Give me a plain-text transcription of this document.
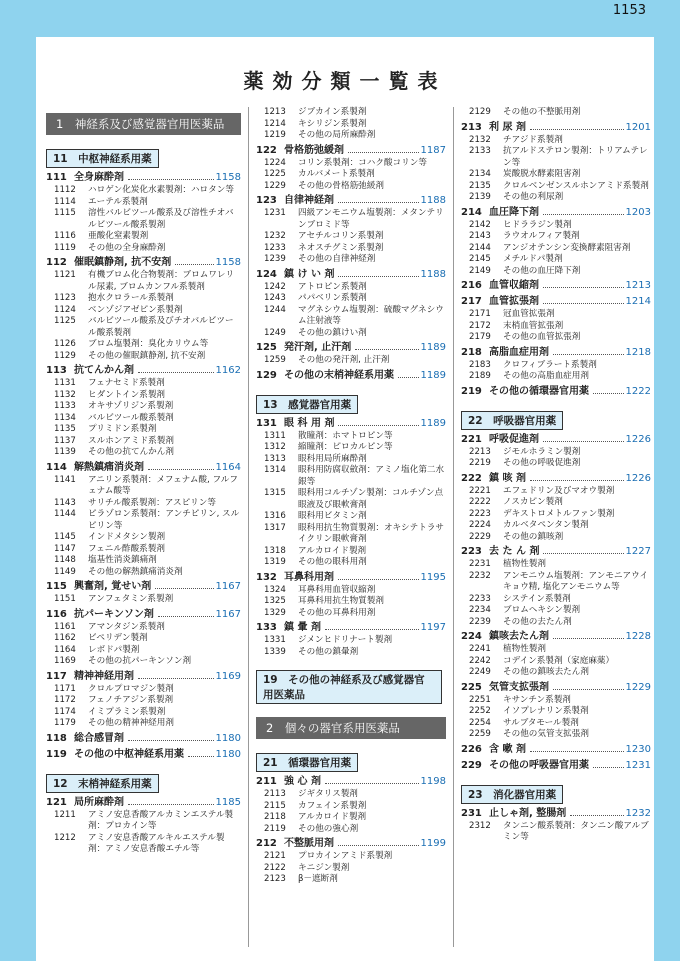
1153
薬効分類一覧表
1　神経系及び感覚器官用医薬品
11　中枢神経系用薬
111 全身麻酔剤	1158
1112	ハロゲン化炭化水素製剤：ハロタン等
1114	エーテル系製剤
1115	溶性バルビツール酸系及び溶性チオバルビツール酸系製剤
1116	亜酸化窒素製剤
1119	その他の全身麻酔剤
112 催眠鎮静剤, 抗不安剤	1158
1121	有機ブロム化合物製剤：ブロムワレリル尿素, ブロムカンフル系製剤
1123	抱水クロラール系製剤
1124	ベンゾジアゼピン系製剤
1125	バルビツール酸系及びチオバルビツール酸系製剤
1126	ブロム塩製剤：臭化カリウム等
1129	その他の催眠鎮静剤, 抗不安剤
113 抗てんかん剤	1162
1131	フェナセミド系製剤
1132	ヒダントイン系製剤
1133	オキサゾリジン系製剤
1134	バルビツール酸系製剤
1135	プリミドン系製剤
1137	スルホンアミド系製剤
1139	その他の抗てんかん剤
114 解熱鎮痛消炎剤	1164
1141	アニリン系製剤：メフェナム酸, フルフェナム酸等
1143	サリチル酸系製剤：アスピリン等
1144	ピラゾロン系製剤：アンチピリン, スルピリン等
1145	インドメタシン製剤
1147	フェニル酢酸系製剤
1148	塩基性消炎鎮痛剤
1149	その他の解熱鎮痛消炎剤
115 興奮剤, 覚せい剤	1167
1151	アンフェタミン系製剤
116 抗パーキンソン剤	1167
1161	アマンタジン系製剤
1162	ビペリデン製剤
1164	レボドパ製剤
1169	その他の抗パーキンソン剤
117 精神神経用剤	1169
1171	クロルプロマジン製剤
1172	フェノチアジン系製剤
1174	イミプラミン系製剤
1179	その他の精神神経用剤
118 総合感冒剤	1180
119 その他の中枢神経系用薬	1180
12　末梢神経系用薬
121 局所麻酔剤	1185
1211	アミノ安息香酸アルカミンエステル製剤：プロカイン等
1212	アミノ安息香酸アルキルエステル製剤：アミノ安息香酸エチル等
1213	ジブカイン系製剤
1214	キシリジン系製剤
1219	その他の局所麻酔剤
122 骨格筋弛緩剤	1187
1224	コリン系製剤：コハク酸コリン等
1225	カルバメート系製剤
1229	その他の骨格筋弛緩剤
123 自律神経剤	1188
1231	四級アンモニウム塩製剤：メタンテリンブロミド等
1232	アセチルコリン系製剤
1233	ネオスチグミン系製剤
1239	その他の自律神経剤
124 鎮 け い 剤	1188
1242	アトロピン系製剤
1243	パパベリン系製剤
1244	マグネシウム塩製剤：硫酸マグネシウム注射液等
1249	その他の鎮けい剤
125 発汗剤, 止汗剤	1189
1259	その他の発汗剤, 止汗剤
129 その他の末梢神経系用薬	1189
13　感覚器官用薬
131 眼 科 用 剤	1189
1311	散瞳剤：ホマトロピン等
1312	縮瞳剤：ピロカルピン等
1313	眼科用局所麻酔剤
1314	眼科用防腐収斂剤：アミノ塩化第二水銀等
1315	眼科用コルチゾン製剤：コルチゾン点眼液及び眼軟膏剤
1316	眼科用ビタミン剤
1317	眼科用抗生物質製剤：オキシテトラサイクリン眼軟膏剤
1318	アルカロイド製剤
1319	その他の眼科用剤
132 耳鼻科用剤	1195
1324	耳鼻科用血管収縮剤
1325	耳鼻科用抗生物質製剤
1329	その他の耳鼻科用剤
133 鎮 暈 剤	1197
1331	ジメンヒドリナート製剤
1339	その他の鎮暈剤
19　その他の神経系及び感覚器官用医薬品
2　個々の器官系用医薬品
21　循環器官用薬
211 強 心 剤	1198
2113	ジギタリス製剤
2115	カフェイン系製剤
2118	アルカロイド製剤
2119	その他の強心剤
212 不整脈用剤	1199
2121	プロカインアミド系製剤
2122	キニジン製剤
2123	β－遮断剤
2129	その他の不整脈用剤
213 利 尿 剤	1201
2132	チアジド系製剤
2133	抗アルドステロン製剤：トリアムテレン等
2134	炭酸脱水酵素阻害剤
2135	クロルベンゼンスルホンアミド系製剤
2139	その他の利尿剤
214 血圧降下剤	1203
2142	ヒドララジン製剤
2143	ラウオルフィア製剤
2144	アンジオテンシン変換酵素阻害剤
2145	メチルドパ製剤
2149	その他の血圧降下剤
216 血管収縮剤	1213
217 血管拡張剤	1214
2171	冠血管拡張剤
2172	末梢血管拡張剤
2179	その他の血管拡張剤
218 高脂血症用剤	1218
2183	クロフィブラート系製剤
2189	その他の高脂血症用剤
219 その他の循環器官用薬	1222
22　呼吸器官用薬
221 呼吸促進剤	1226
2213	ジモルホラミン製剤
2219	その他の呼吸促進剤
222 鎮 咳 剤	1226
2221	エフェドリン及びマオウ製剤
2222	ノスカピン製剤
2223	デキストロメトルファン製剤
2224	カルベタペンタン製剤
2229	その他の鎮咳剤
223 去 た ん 剤	1227
2231	植物性製剤
2232	アンモニウム塩製剤：アンモニアウイキョウ精, 塩化アンモニウム等
2233	システイン系製剤
2234	ブロムヘキシン製剤
2239	その他の去たん剤
224 鎮咳去たん剤	1228
2241	植物性製剤
2242	コデイン系製剤（家庭麻薬）
2249	その他の鎮咳去たん剤
225 気管支拡張剤	1229
2251	キサンチン系製剤
2252	イソプレナリン系製剤
2254	サルブタモール製剤
2259	その他の気管支拡張剤
226 含 嗽 剤	1230
229 その他の呼吸器官用薬	1231
23　消化器官用薬
231 止しゃ剤, 整腸剤	1232
2312	タンニン酸系製剤：タンニン酸アルブミン等
